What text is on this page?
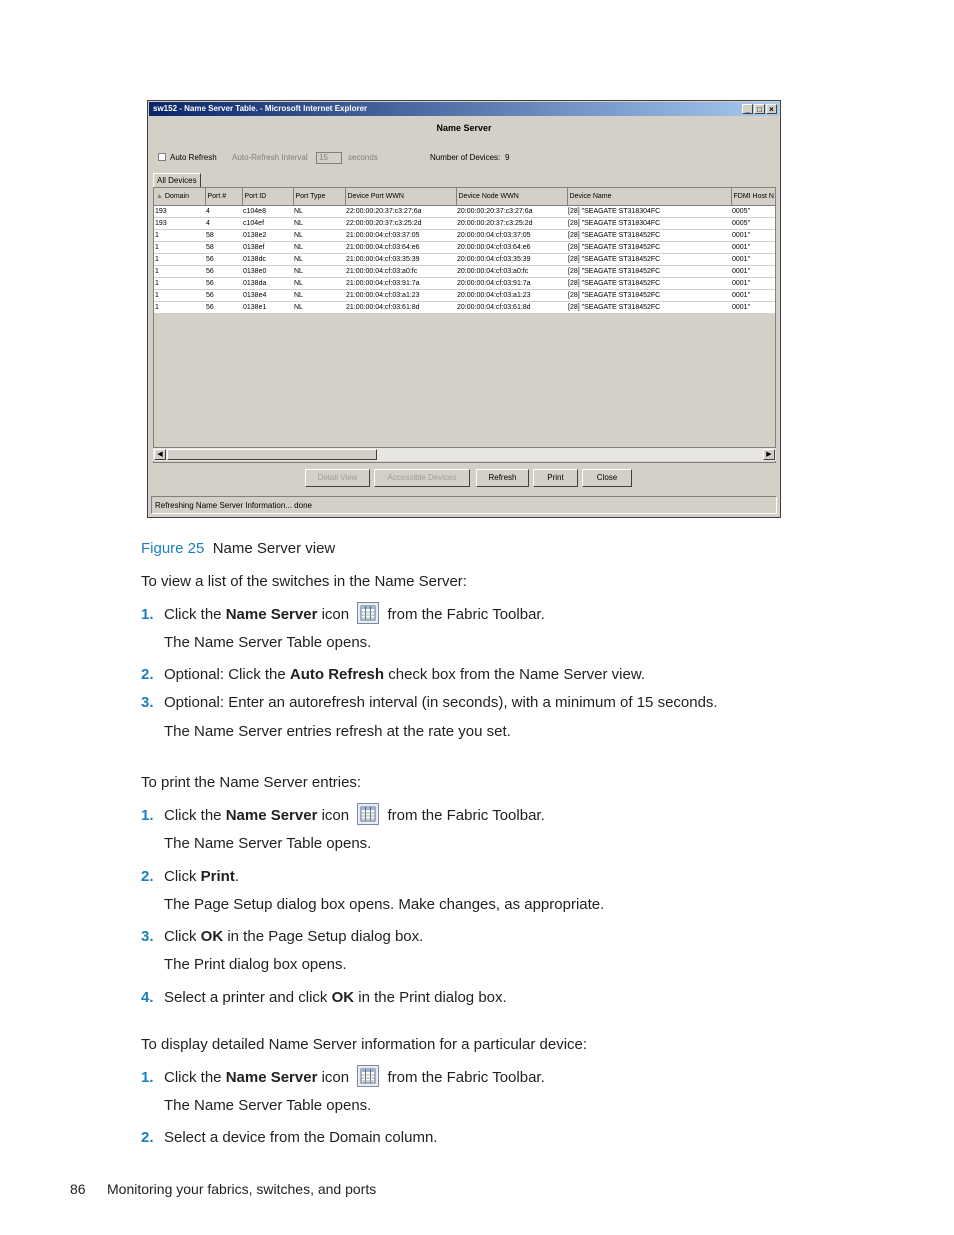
sw152 - Name Server Table. - Microsoft Internet Explorer	_ □ ×
Name Server
Auto Refresh Auto-Refresh Interval	15	seconds	Number of Devices: 9
All Devices
▲ Domain	Port #	Port ID	Port Type	Device Port WWN	Device Node WWN	Device Name	FDMI Host N
193	4	c104e8	NL	22:00:00:20:37:c3:27:6a	20:00:00:20:37:c3:27:6a	[28] "SEAGATE ST318304FC	0005"
193	4	c104ef	NL	22:00:00:20:37:c3:25:2d	20:00:00:20:37:c3:25:2d	[28] "SEAGATE ST318304FC	0005"
1	58	0138e2	NL	21:00:00:04:cf:03:37:05	20:00:00:04:cf:03:37:05	[28] "SEAGATE ST318452FC	0001"
1	58	0138ef	NL	21:00:00:04:cf:03:64:e6	20:00:00:04:cf:03:64:e6	[28] "SEAGATE ST318452FC	0001"
1	56	0138dc	NL	21:00:00:04:cf:03:35:39	20:00:00:04:cf:03:35:39	[28] "SEAGATE ST318452FC	0001"
1	56	0138e0	NL	21:00:00:04:cf:03:a0:fc	20:00:00:04:cf:03:a0:fc	[28] "SEAGATE ST318452FC	0001"
1	56	0138da	NL	21:00:00:04:cf:03:91:7a	20:00:00:04:cf:03:91:7a	[28] "SEAGATE ST318452FC	0001"
1	56	0138e4	NL	21:00:00:04:cf:03:a1:23	20:00:00:04:cf:03:a1:23	[28] "SEAGATE ST318452FC	0001"
1	56	0138e1	NL	21:00:00:04:cf:03:61:8d	20:00:00:04:cf:03:61:8d	[28] "SEAGATE ST318452FC	0001"
◀	▶
Detail View	Accessible Devices	Refresh	Print	Close
Refreshing Name Server Information... done
Figure 25 Name Server view
To view a list of the switches in the Name Server:
1. Click the Name Server icon
from the Fabric Toolbar.
The Name Server Table opens.
2. Optional: Click the Auto Refresh check box from the Name Server view.
3. Optional: Enter an autorefresh interval (in seconds), with a minimum of 15 seconds.
The Name Server entries refresh at the rate you set.
To print the Name Server entries:
1. Click the Name Server icon
from the Fabric Toolbar.
The Name Server Table opens.
2. Click Print.
The Page Setup dialog box opens. Make changes, as appropriate.
3. Click OK in the Page Setup dialog box.
The Print dialog box opens.
4. Select a printer and click OK in the Print dialog box.
To display detailed Name Server information for a particular device:
1. Click the Name Server icon
from the Fabric Toolbar.
The Name Server Table opens.
2. Select a device from the Domain column.
86 Monitoring your fabrics, switches, and ports
